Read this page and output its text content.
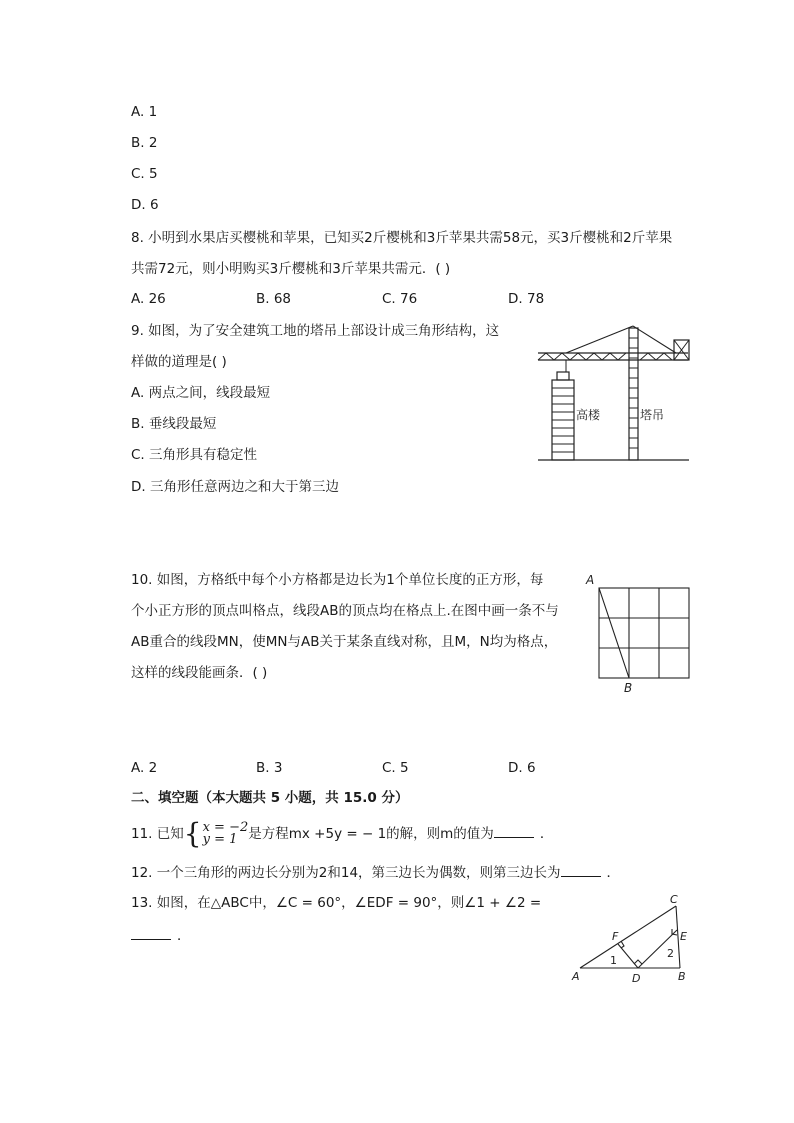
A. 1
B. 2
C. 5
D. 6
8. 小明到水果店买樱桃和苹果，已知买2斤樱桃和3斤苹果共需58元，买3斤樱桃和2斤苹果
共需72元，则小明购买3斤樱桃和3斤苹果共需元．( )
A. 26	B. 68	C. 76	D. 78
9. 如图，为了安全建筑工地的塔吊上部设计成三角形结构，这
样做的道理是( )
A. 两点之间，线段最短
B. 垂线段最短
C. 三角形具有稳定性
D. 三角形任意两边之和大于第三边
高楼	塔吊
10. 如图，方格纸中每个小方格都是边长为1个单位长度的正方形，每
个小正方形的顶点叫格点，线段AB的顶点均在格点上.在图中画一条不与
AB重合的线段MN，使MN与AB关于某条直线对称，且M，N均为格点，
这样的线段能画条．( )
A
B
A. 2	B. 3	C. 5	D. 6
二、填空题（本大题共 5 小题，共 15.0 分）
11. 已知 { x = −2
y = 1 是方程mx +5y = − 1的解，则m的值为	．
12. 一个三角形的两边长分别为2和14，第三边长为偶数，则第三边长为	．
13. 如图，在△ABC中，∠C = 60°，∠EDF = 90°，则∠1 + ∠2 =
．	F	E
C
A	D	B
1
2
